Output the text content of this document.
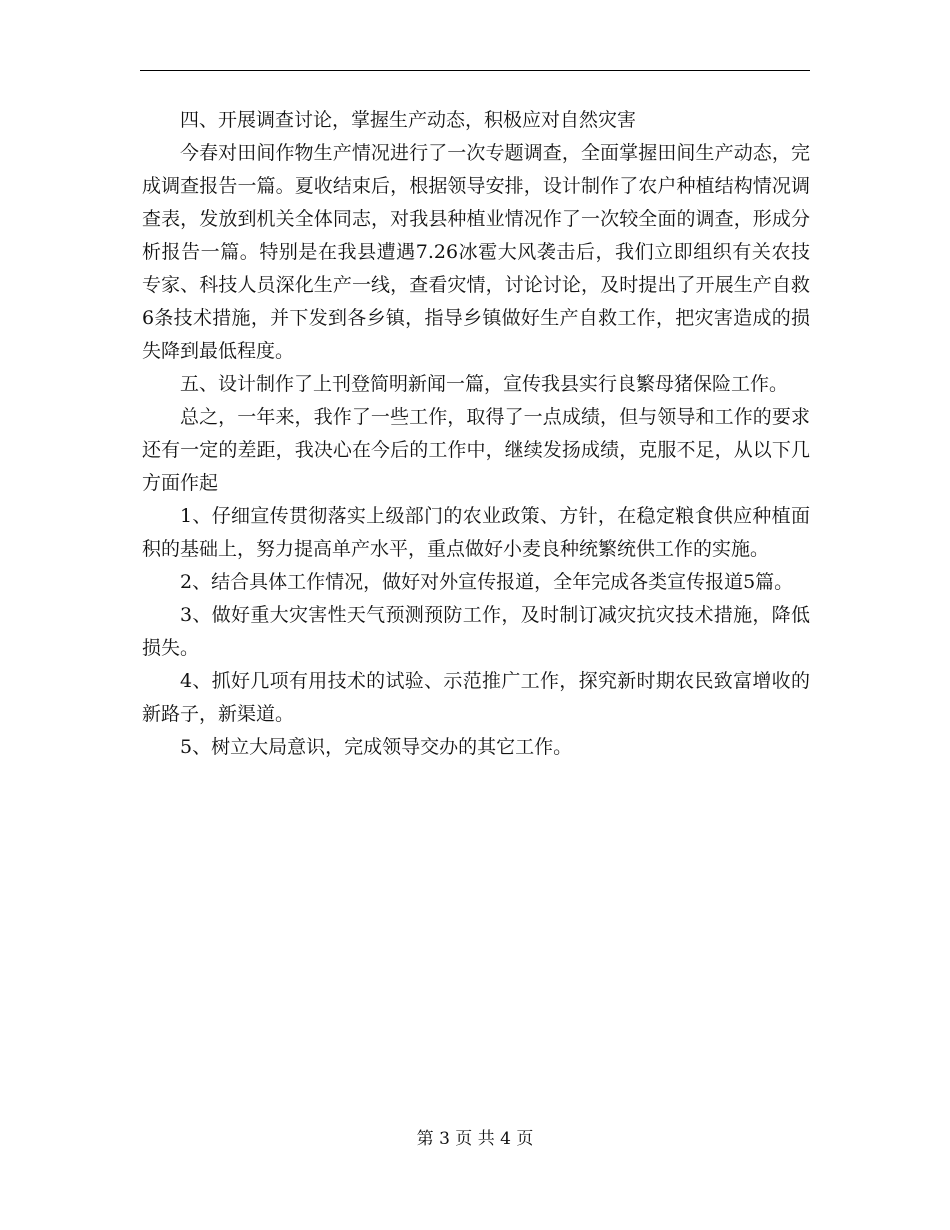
四、开展调查讨论，掌握生产动态，积极应对自然灾害

今春对田间作物生产情况进行了一次专题调查，全面掌握田间生产动态，完成调查报告一篇。夏收结束后，根据领导安排，设计制作了农户种植结构情况调查表，发放到机关全体同志，对我县种植业情况作了一次较全面的调查，形成分析报告一篇。特别是在我县遭遇7.26冰雹大风袭击后，我们立即组织有关农技专家、科技人员深化生产一线，查看灾情，讨论讨论，及时提出了开展生产自救6条技术措施，并下发到各乡镇，指导乡镇做好生产自救工作，把灾害造成的损失降到最低程度。

五、设计制作了上刊登简明新闻一篇，宣传我县实行良繁母猪保险工作。

总之，一年来，我作了一些工作，取得了一点成绩，但与领导和工作的要求还有一定的差距，我决心在今后的工作中，继续发扬成绩，克服不足，从以下几方面作起

1、仔细宣传贯彻落实上级部门的农业政策、方针，在稳定粮食供应种植面积的基础上，努力提高单产水平，重点做好小麦良种统繁统供工作的实施。

2、结合具体工作情况，做好对外宣传报道，全年完成各类宣传报道5篇。

3、做好重大灾害性天气预测预防工作，及时制订减灾抗灾技术措施，降低损失。

4、抓好几项有用技术的试验、示范推广工作，探究新时期农民致富增收的新路子，新渠道。

5、树立大局意识，完成领导交办的其它工作。

第 3 页 共 4 页
